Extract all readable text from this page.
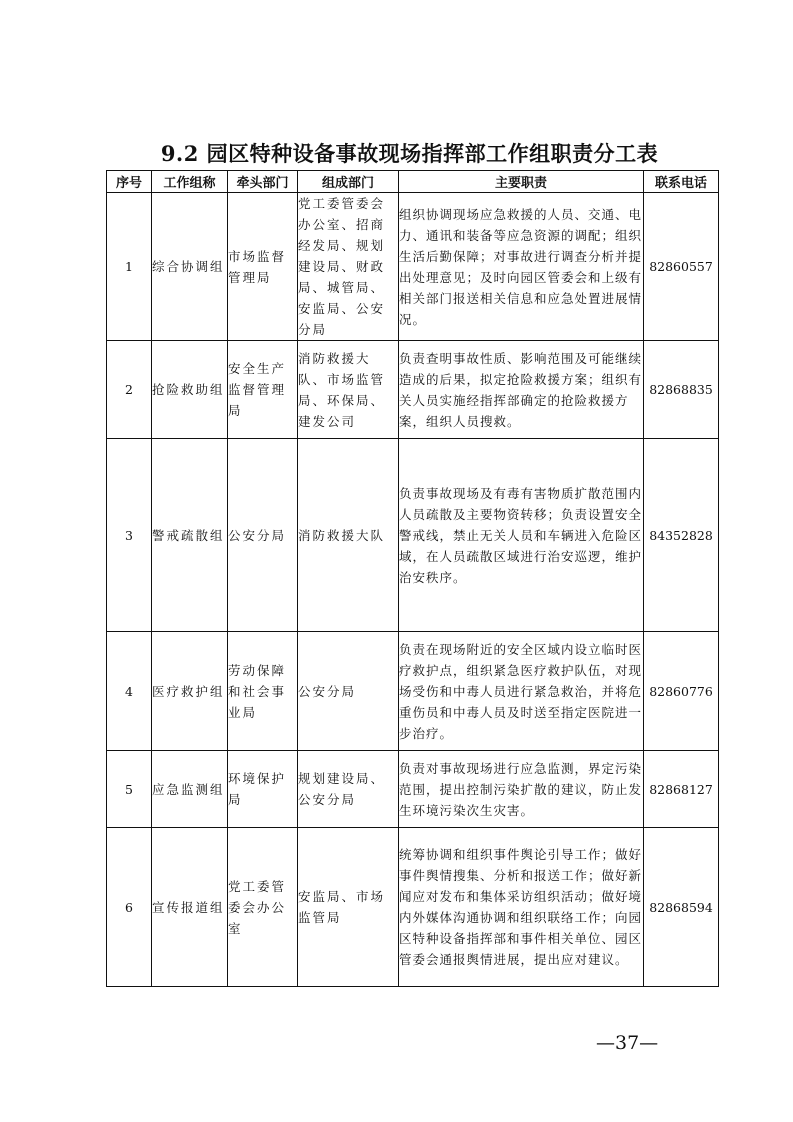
9.2 园区特种设备事故现场指挥部工作组职责分工表
序号	工作组称	牵头部门	组成部门	主要职责	联系电话
1	综合协调组	市场监督管理局	党工委管委会办公室、招商经发局、规划建设局、财政局、城管局、安监局、公安分局	组织协调现场应急救援的人员、交通、电力、通讯和装备等应急资源的调配；组织生活后勤保障；对事故进行调查分析并提出处理意见；及时向园区管委会和上级有相关部门报送相关信息和应急处置进展情况。	82860557
2	抢险救助组	安全生产监督管理局	消防救援大队、市场监管局、环保局、建发公司	负责查明事故性质、影响范围及可能继续造成的后果，拟定抢险救援方案；组织有关人员实施经指挥部确定的抢险救援方案，组织人员搜救。	82868835
3	警戒疏散组	公安分局	消防救援大队	负责事故现场及有毒有害物质扩散范围内人员疏散及主要物资转移；负责设置安全警戒线，禁止无关人员和车辆进入危险区域，在人员疏散区域进行治安巡逻，维护治安秩序。	84352828
4	医疗救护组	劳动保障和社会事业局	公安分局	负责在现场附近的安全区域内设立临时医疗救护点，组织紧急医疗救护队伍，对现场受伤和中毒人员进行紧急救治，并将危重伤员和中毒人员及时送至指定医院进一步治疗。	82860776
5	应急监测组	环境保护局	规划建设局、公安分局	负责对事故现场进行应急监测，界定污染范围，提出控制污染扩散的建议，防止发生环境污染次生灾害。	82868127
6	宣传报道组	党工委管委会办公室	安监局、市场监管局	统筹协调和组织事件舆论引导工作；做好事件舆情搜集、分析和报送工作；做好新闻应对发布和集体采访组织活动；做好境内外媒体沟通协调和组织联络工作；向园区特种设备指挥部和事件相关单位、园区管委会通报舆情进展，提出应对建议。	82868594
—37—
